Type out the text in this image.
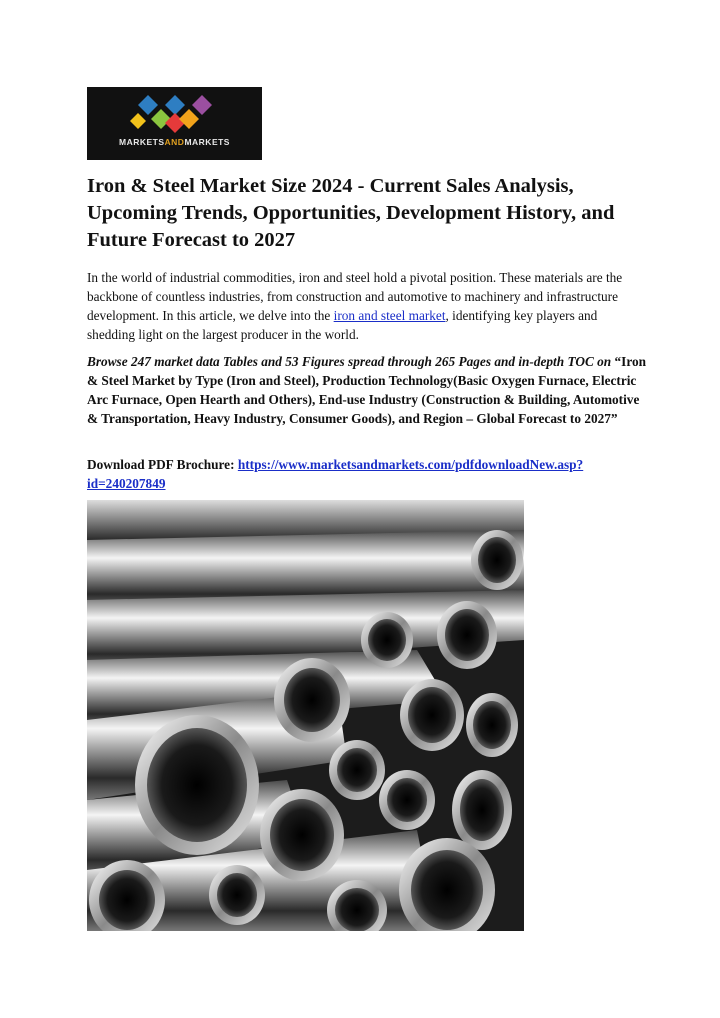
MARKETSANDMARKETS
Iron & Steel Market Size 2024 - Current Sales Analysis, Upcoming Trends, Opportunities, Development History, and Future Forecast to 2027

In the world of industrial commodities, iron and steel hold a pivotal position. These materials are the backbone of countless industries, from construction and automotive to machinery and infrastructure development. In this article, we delve into the iron and steel market, identifying key players and shedding light on the largest producer in the world.

Browse 247 market data Tables and 53 Figures spread through 265 Pages and in-depth TOC on “Iron & Steel Market by Type (Iron and Steel), Production Technology(Basic Oxygen Furnace, Electric Arc Furnace, Open Hearth and Others), End-use Industry (Construction & Building, Automotive & Transportation, Heavy Industry, Consumer Goods), and Region – Global Forecast to 2027”

Download PDF Brochure: https://www.marketsandmarkets.com/pdfdownloadNew.asp?id=240207849
